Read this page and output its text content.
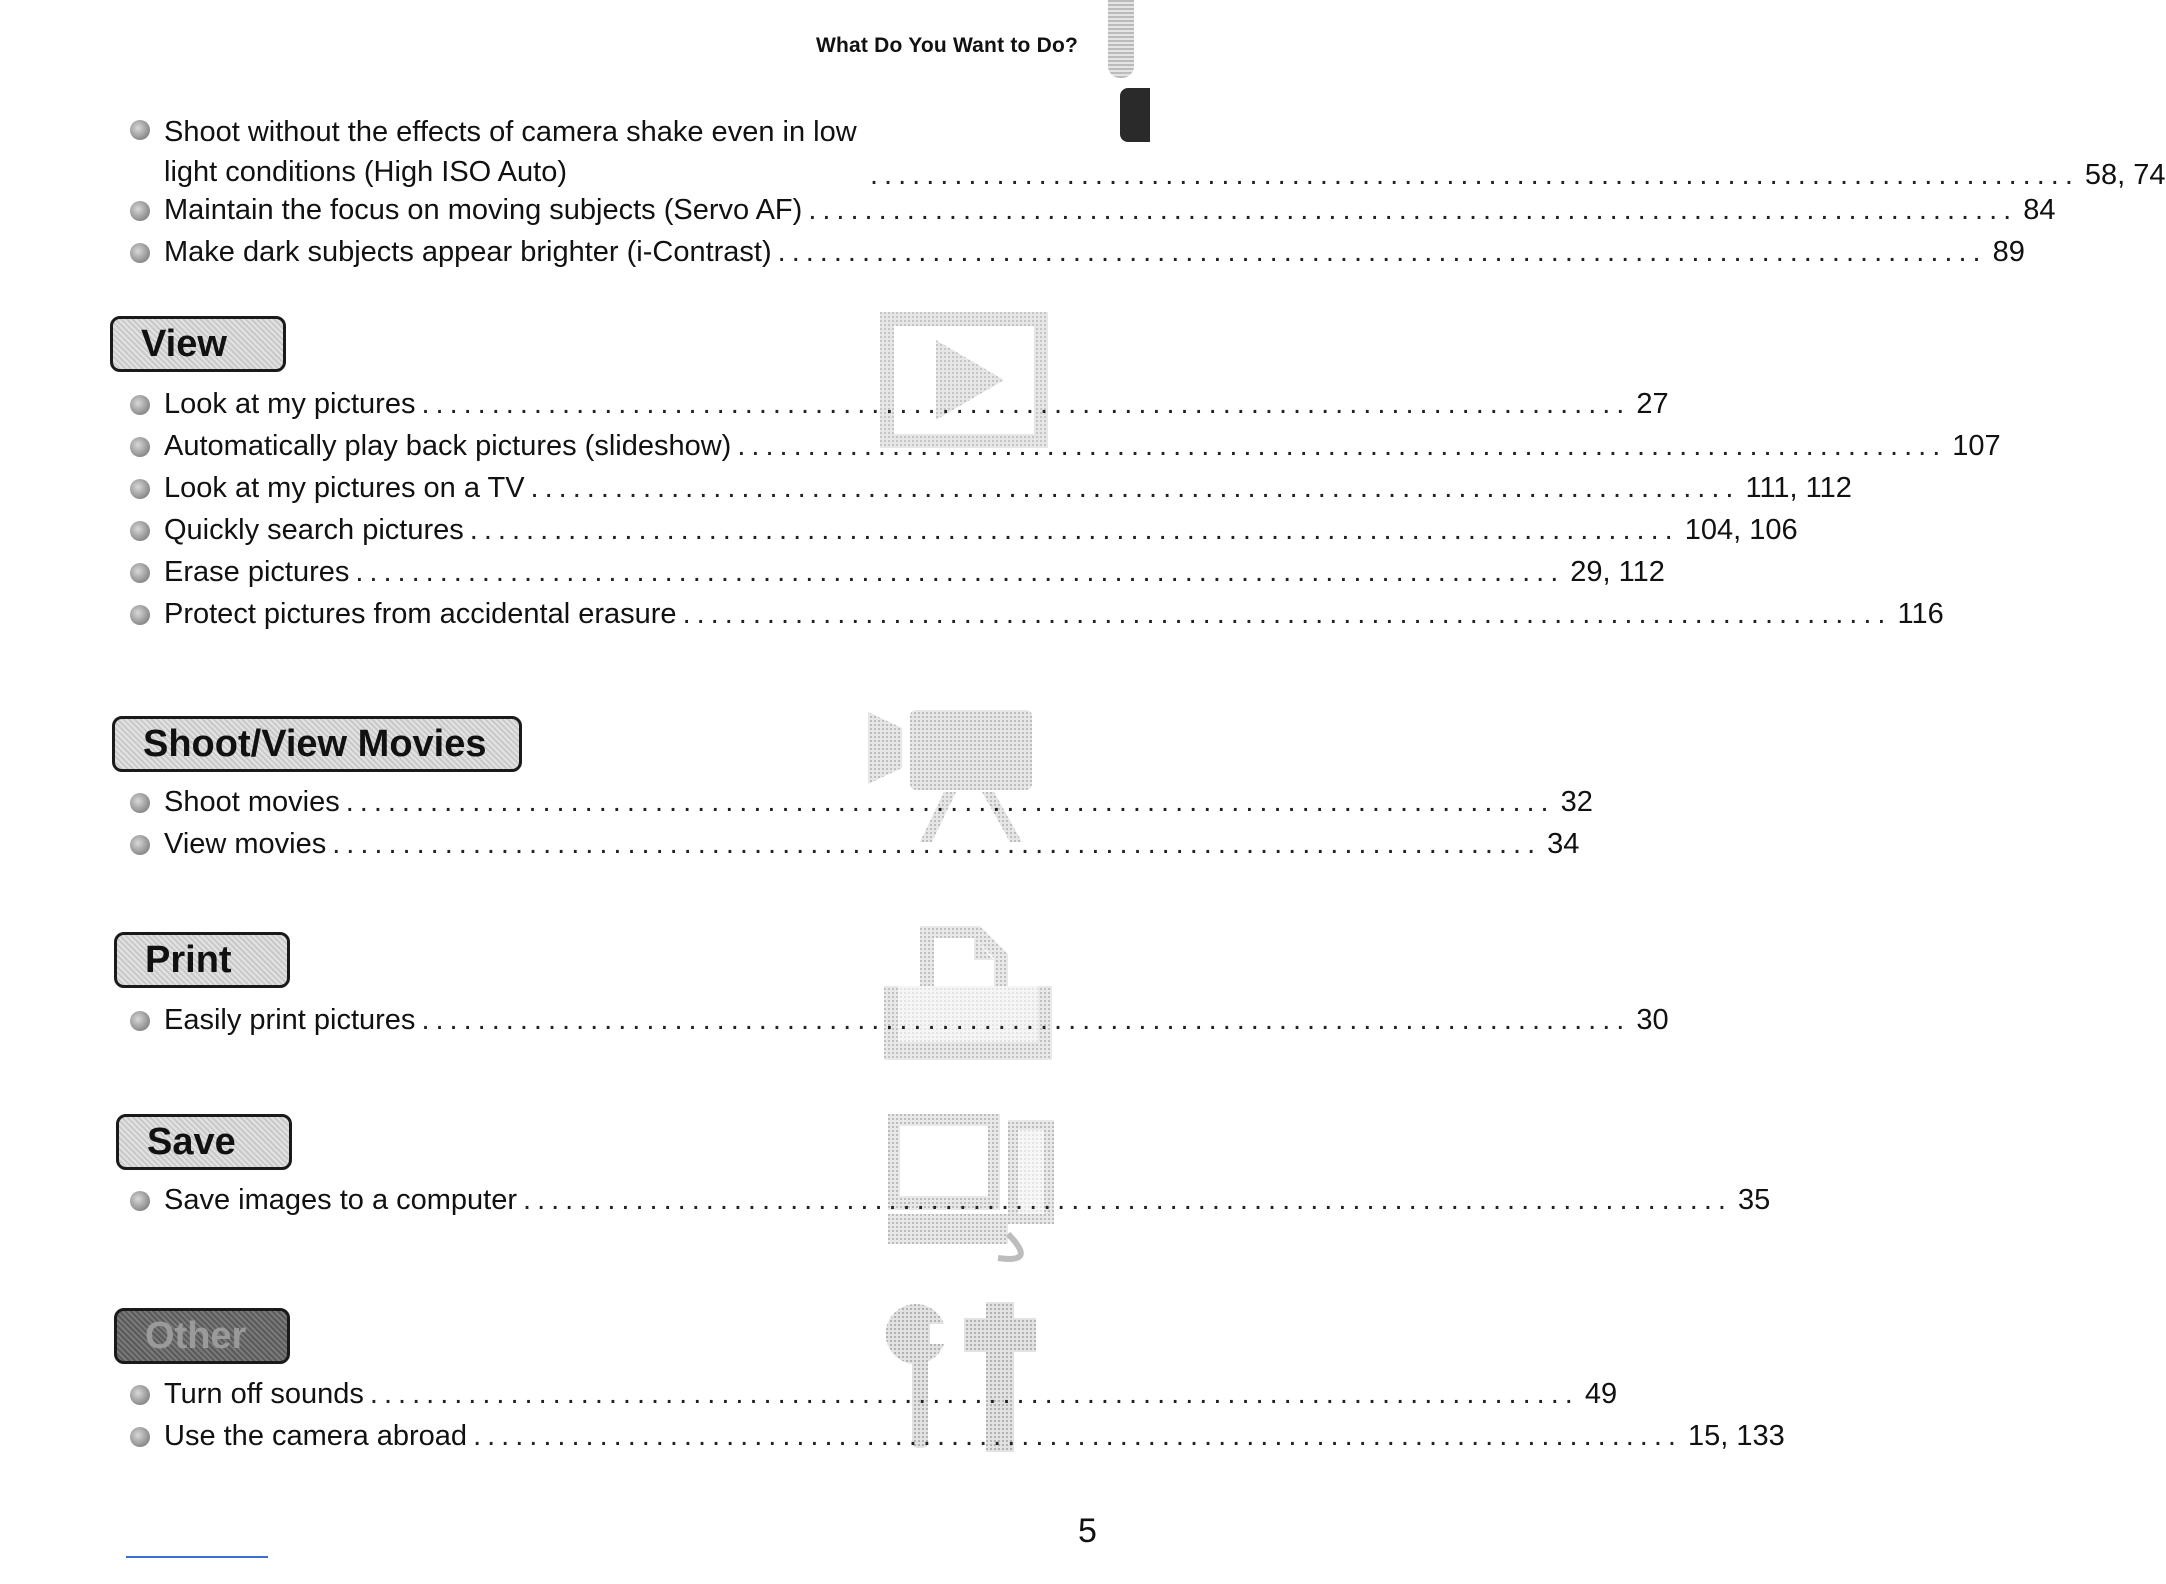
What Do You Want to Do?
Shoot without the effects of camera shake even in low light conditions (High ISO Auto)	...................................................................................... 58, 74
Maintain the focus on moving subjects (Servo AF) ...................................................................................... 84
Make dark subjects appear brighter (i-Contrast) ...................................................................................... 89
View
Look at my pictures ...................................................................................... 27
Automatically play back pictures (slideshow) ...................................................................................... 107
Look at my pictures on a TV ...................................................................................... 111, 112
Quickly search pictures ...................................................................................... 104, 106
Erase pictures ...................................................................................... 29, 112
Protect pictures from accidental erasure ...................................................................................... 116
Shoot/View Movies
Shoot movies ...................................................................................... 32
View movies ...................................................................................... 34
Print
Easily print pictures ...................................................................................... 30
Save
Save images to a computer ...................................................................................... 35
Other
Turn off sounds ...................................................................................... 49
Use the camera abroad ...................................................................................... 15, 133
5
